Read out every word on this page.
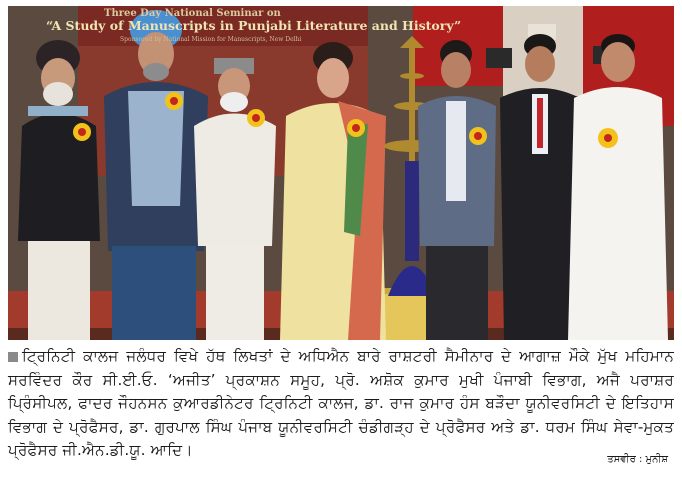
Three Day National Seminar on
“A Study of Manuscripts in Punjabi Literature and History”
Sponsored by National Mission for Manuscripts, New Delhi

ਟ੍ਰਿਨਿਟੀ ਕਾਲਜ ਜਲੰਧਰ ਵਿਖੇ ਹੱਥ ਲਿਖਤਾਂ ਦੇ ਅਧਿਐਨ ਬਾਰੇ ਰਾਸ਼ਟਰੀ ਸੈਮੀਨਾਰ ਦੇ ਆਗਾਜ਼ ਮੌਕੇ ਮੁੱਖ ਮਹਿਮਾਨ ਸਰਵਿੰਦਰ ਕੌਰ ਸੀ.ਈ.ਓ. ‘ਅਜੀਤ’ ਪ੍ਰਕਾਸ਼ਨ ਸਮੂਹ, ਪ੍ਰੋ. ਅਸ਼ੋਕ ਕੁਮਾਰ ਮੁਖੀ ਪੰਜਾਬੀ ਵਿਭਾਗ, ਅਜੈ ਪਰਾਸ਼ਰ ਪ੍ਰਿੰਸੀਪਲ, ਫਾਦਰ ਜੌਹਨਸਨ ਕੁਆਰਡੀਨੇਟਰ ਟ੍ਰਿਨਿਟੀ ਕਾਲਜ, ਡਾ. ਰਾਜ ਕੁਮਾਰ ਹੰਸ ਬੜੌਦਾ ਯੂਨੀਵਰਸਿਟੀ ਦੇ ਇਤਿਹਾਸ ਵਿਭਾਗ ਦੇ ਪ੍ਰੋਫੈਸਰ, ਡਾ. ਗੁਰਪਾਲ ਸਿੰਘ ਪੰਜਾਬ ਯੂਨੀਵਰਸਿਟੀ ਚੰਡੀਗੜ੍ਹ ਦੇ ਪ੍ਰੋਫੈਸਰ ਅਤੇ ਡਾ. ਧਰਮ ਸਿੰਘ ਸੇਵਾ-ਮੁਕਤ ਪ੍ਰੋਫੈਸਰ ਜੀ.ਐਨ.ਡੀ.ਯੂ. ਆਦਿ।

ਤਸਵੀਰ : ਮੁਨੀਸ਼
